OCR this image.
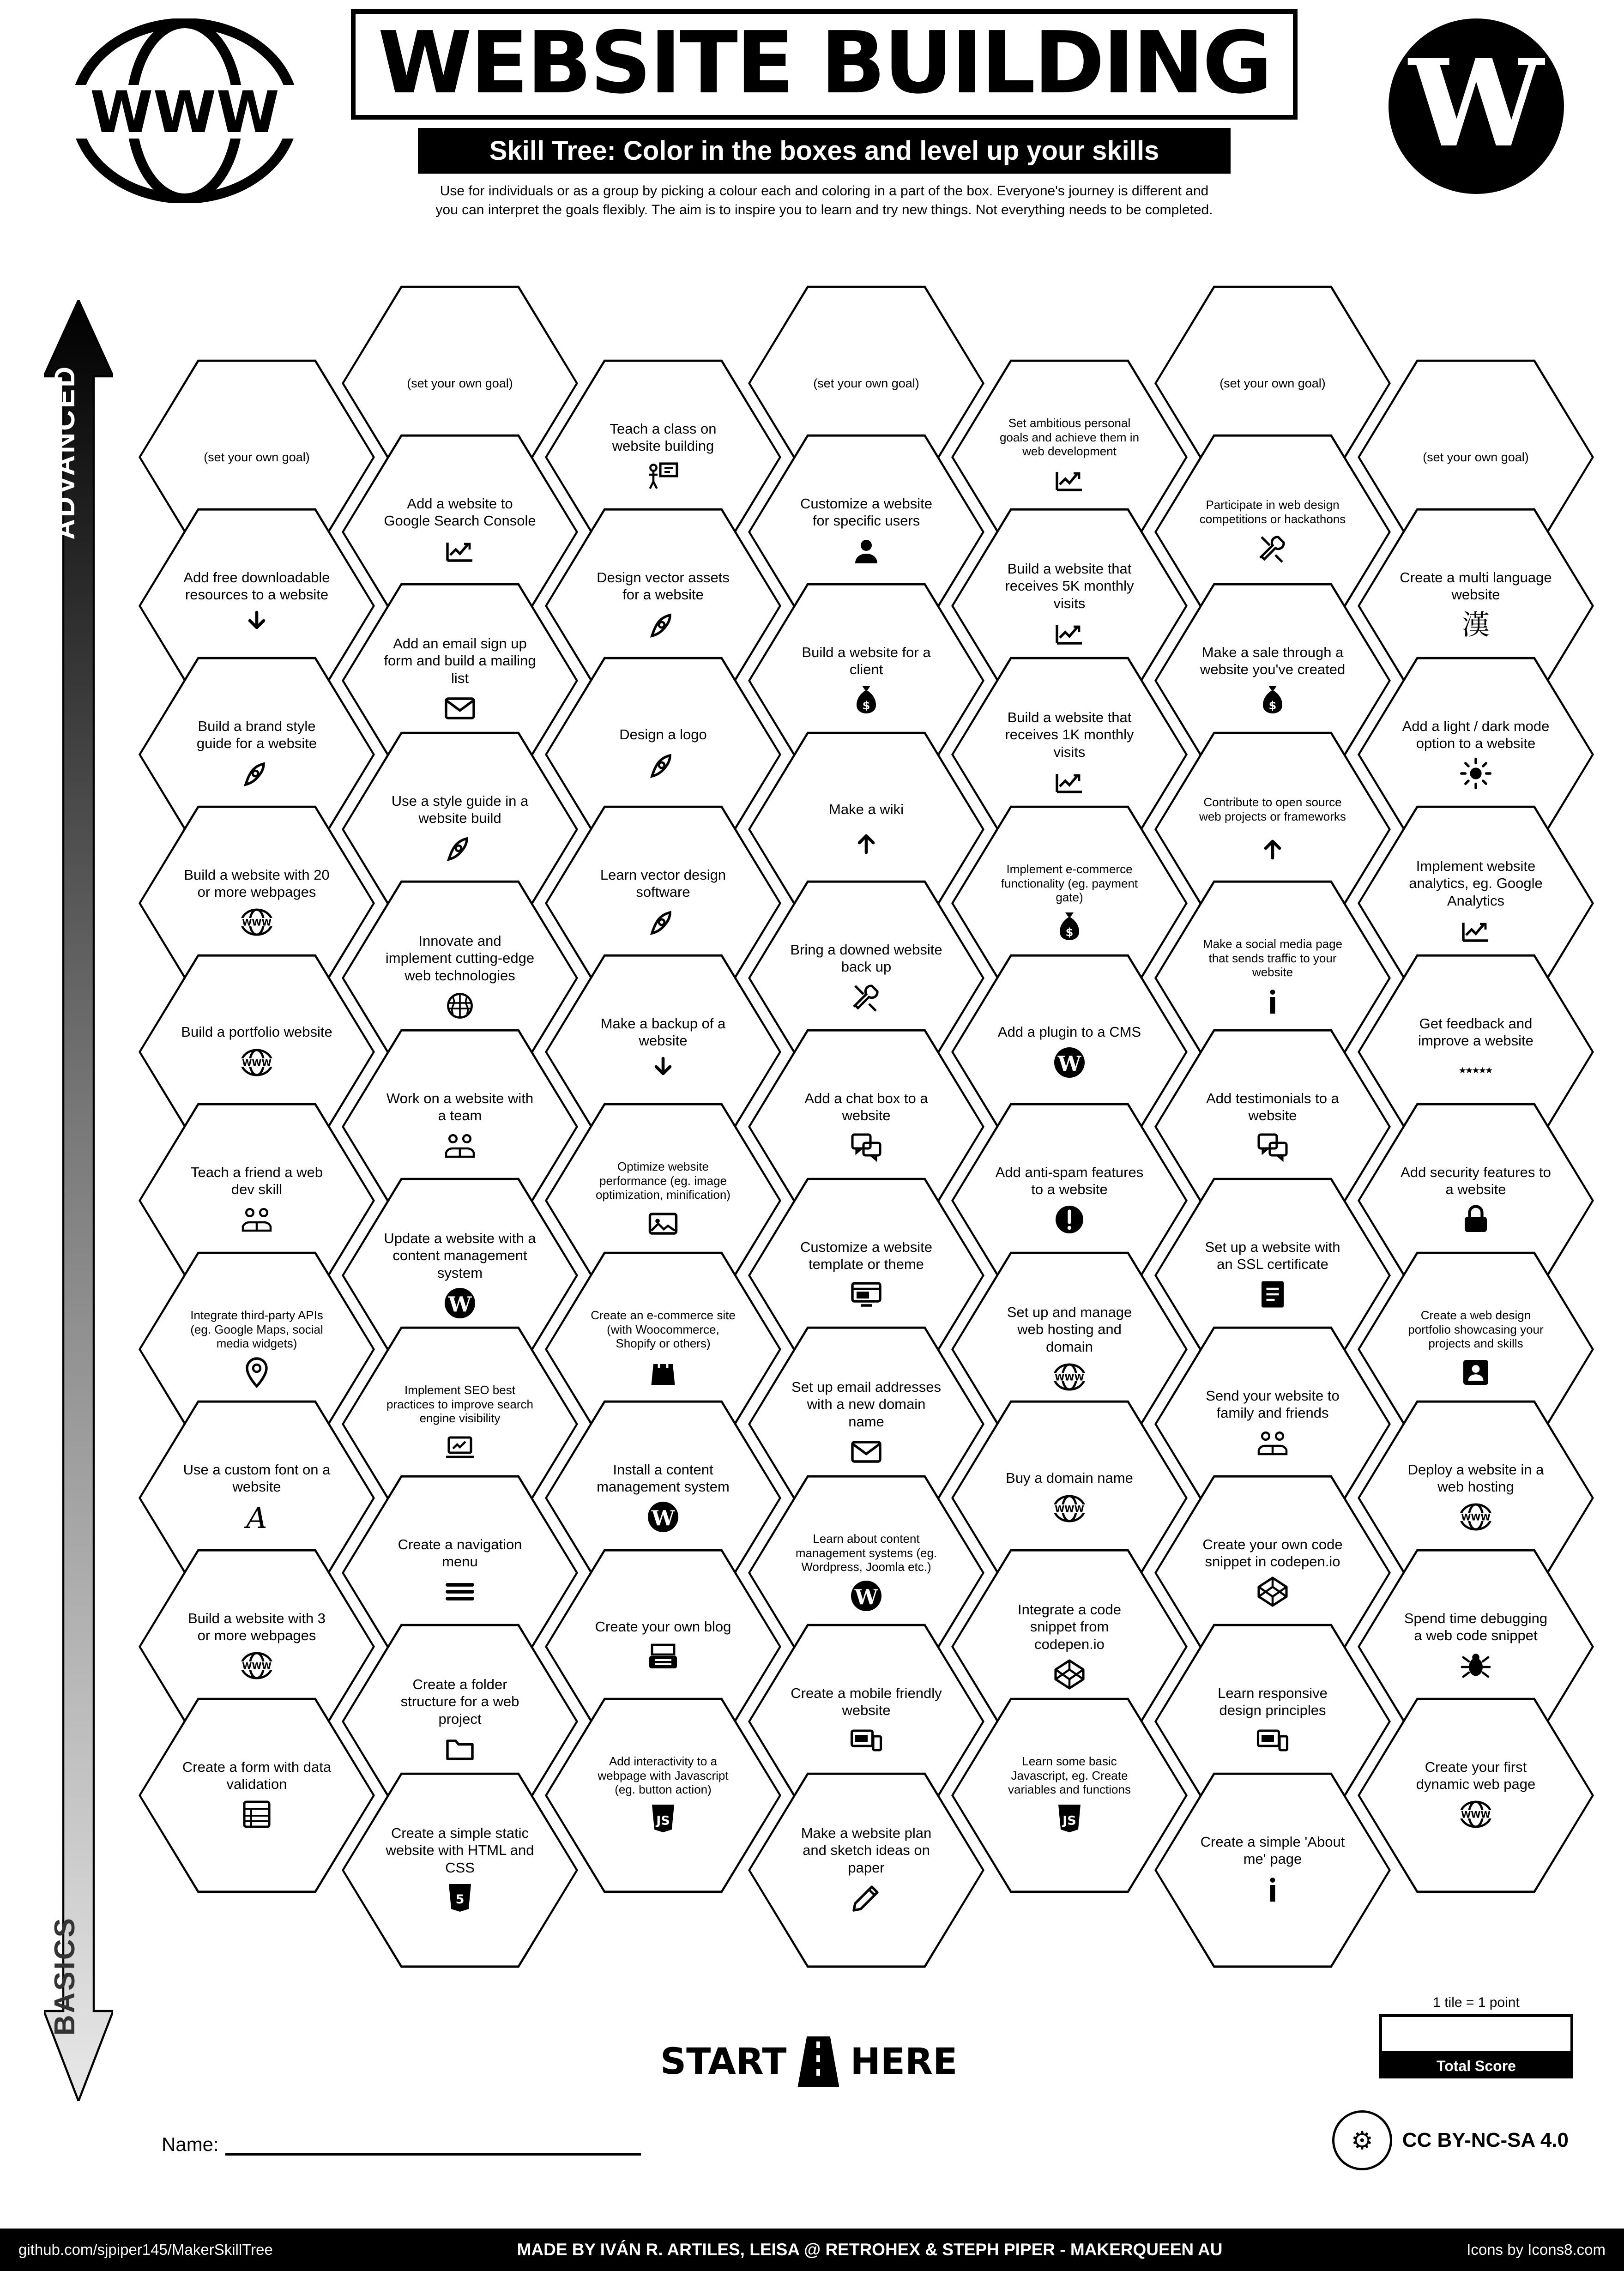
WWW	WEBSITE BUILDING
Skill Tree: Color in the boxes and level up your skills
Use for individuals or as a group by picking a colour each and coloring in a part of the box. Everyone's journey is different and you can interpret the goals flexibly. The aim is to inspire you to learn and try new things. Not everything needs to be completed.
W
ADVANCED
BASICS
(set your own goal)
Add free downloadable resources to a website
Build a brand style guide for a website
Build a website with 20 or more webpages
WWW
Build a portfolio website
WWW
Teach a friend a web dev skill
Integrate third-party APIs (eg. Google Maps, social media widgets)
Use a custom font on a website
A
Build a website with 3 or more webpages
WWW
Create a form with data validation
(set your own goal)
Add a website to Google Search Console
Add an email sign up form and build a mailing list
Use a style guide in a website build
Innovate and implement cutting-edge web technologies
Work on a website with a team
Update a website with a content management system
W
Implement SEO best practices to improve search engine visibility
Create a navigation menu
Create a folder structure for a web project
Create a simple static website with HTML and CSS
5
Teach a class on website building
Design vector assets for a website
Design a logo
Learn vector design software
Make a backup of a website
Optimize website performance (eg. image optimization, minification)
Create an e-commerce site (with Woocommerce, Shopify or others)
Install a content management system
W
Create your own blog
Add interactivity to a webpage with Javascript (eg. button action)
JS
(set your own goal)
Customize a website for specific users
Build a website for a client
$
Make a wiki
Bring a downed website back up
Add a chat box to a website
Customize a website template or theme
Set up email addresses with a new domain name
Learn about content management systems (eg. Wordpress, Joomla etc.)
W
Create a mobile friendly website
Make a website plan and sketch ideas on paper
Set ambitious personal goals and achieve them in web development
Build a website that receives 5K monthly visits
Build a website that receives 1K monthly visits
Implement e-commerce functionality (eg. payment gate)
$
Add a plugin to a CMS
W
Add anti-spam features to a website
Set up and manage web hosting and domain
WWW
Buy a domain name
WWW
Integrate a code snippet from codepen.io
Learn some basic Javascript, eg. Create variables and functions
JS
(set your own goal)
Participate in web design competitions or hackathons
Make a sale through a website you've created
$
Contribute to open source web projects or frameworks
Make a social media page that sends traffic to your website
Add testimonials to a website
Set up a website with an SSL certificate
Send your website to family and friends
Create your own code snippet in codepen.io
Learn responsive design principles
Create a simple 'About me' page
(set your own goal)
Create a multi language website
漢
Add a light / dark mode option to a website
Implement website analytics, eg. Google Analytics
Get feedback and improve a website
Add security features to a website
Create a web design portfolio showcasing your projects and skills
Deploy a website in a web hosting
WWW
Spend time debugging a web code snippet
Create your first dynamic web page
WWW
START HERE
1 tile = 1 point
Total Score
Name:	⚙	CC BY-NC-SA 4.0
github.com/sjpiper145/MakerSkillTree	MADE BY IVÁN R. ARTILES, LEISA @ RETROHEX & STEPH PIPER - MAKERQUEEN AU	Icons by Icons8.com
